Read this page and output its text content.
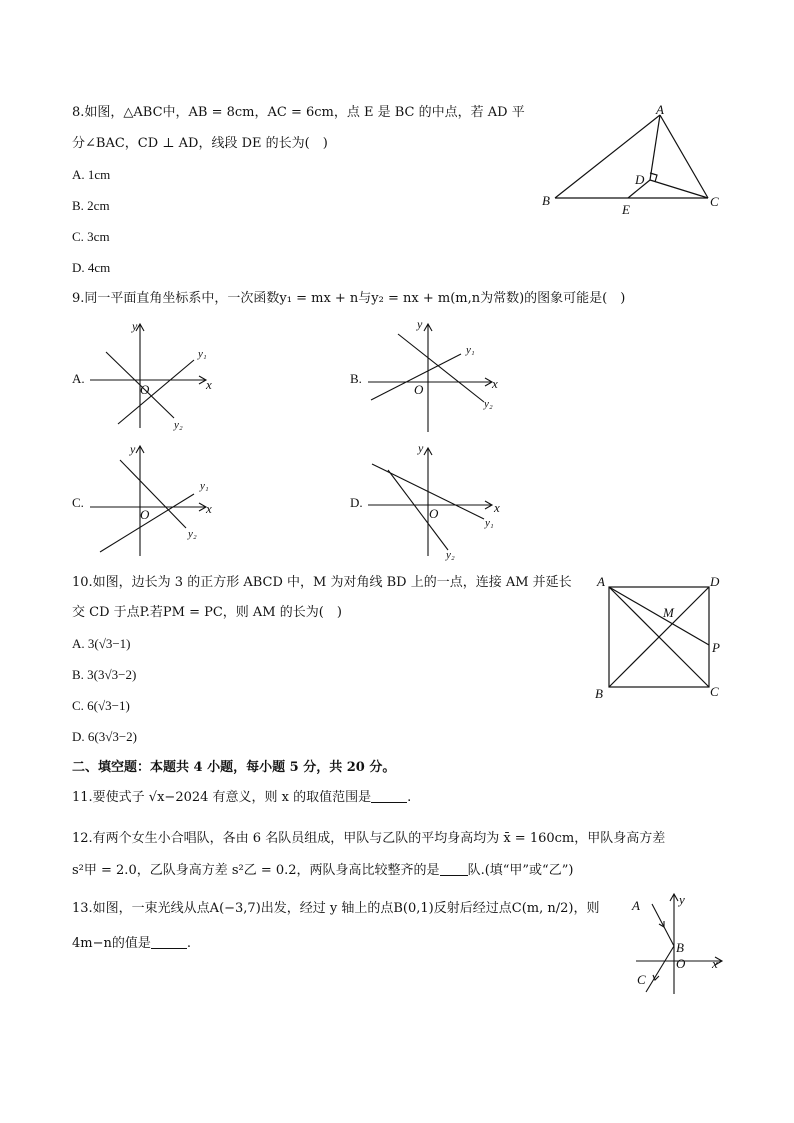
8.如图，△ABC中，AB = 8cm，AC = 6cm，点 E 是 BC 的中点，若 AD 平
分∠BAC，CD ⊥ AD，线段 DE 的长为(　)
A. 1cm
B. 2cm
C. 3cm
D. 4cm
A
B	C
D
E
9.同一平面直角坐标系中，一次函数y₁ = mx + n与y₂ = nx + m(m,n为常数)的图象可能是(　)
A.
y
x
O
y₁
y₂
B.
y
x
O
y₁
y₂
C.
y
x
O
y₁
y₂
D.
y
x
O
y₁
y₂
10.如图，边长为 3 的正方形 ABCD 中，M 为对角线 BD 上的一点，连接 AM 并延长
交 CD 于点P.若PM = PC，则 AM 的长为(　)
A. 3(√3−1)
B. 3(3√3−2)
C. 6(√3−1)
D. 6(3√3−2)
A	D
B	C
M
P
二、填空题：本题共 4 小题，每小题 5 分，共 20 分。
11.要使式子 √x−2024 有意义，则 x 的取值范围是	.
12.有两个女生小合唱队，各由 6 名队员组成，甲队与乙队的平均身高均为 x̄ = 160cm，甲队身高方差
s²甲 = 2.0，乙队身高方差 s²乙 = 0.2，两队身高比较整齐的是 队.(填“甲”或“乙”)
13.如图，一束光线从点A(−3,7)出发，经过 y 轴上的点B(0,1)反射后经过点C(m, n/2)，则
4m−n的值是	.
A
B
C
O x
y
